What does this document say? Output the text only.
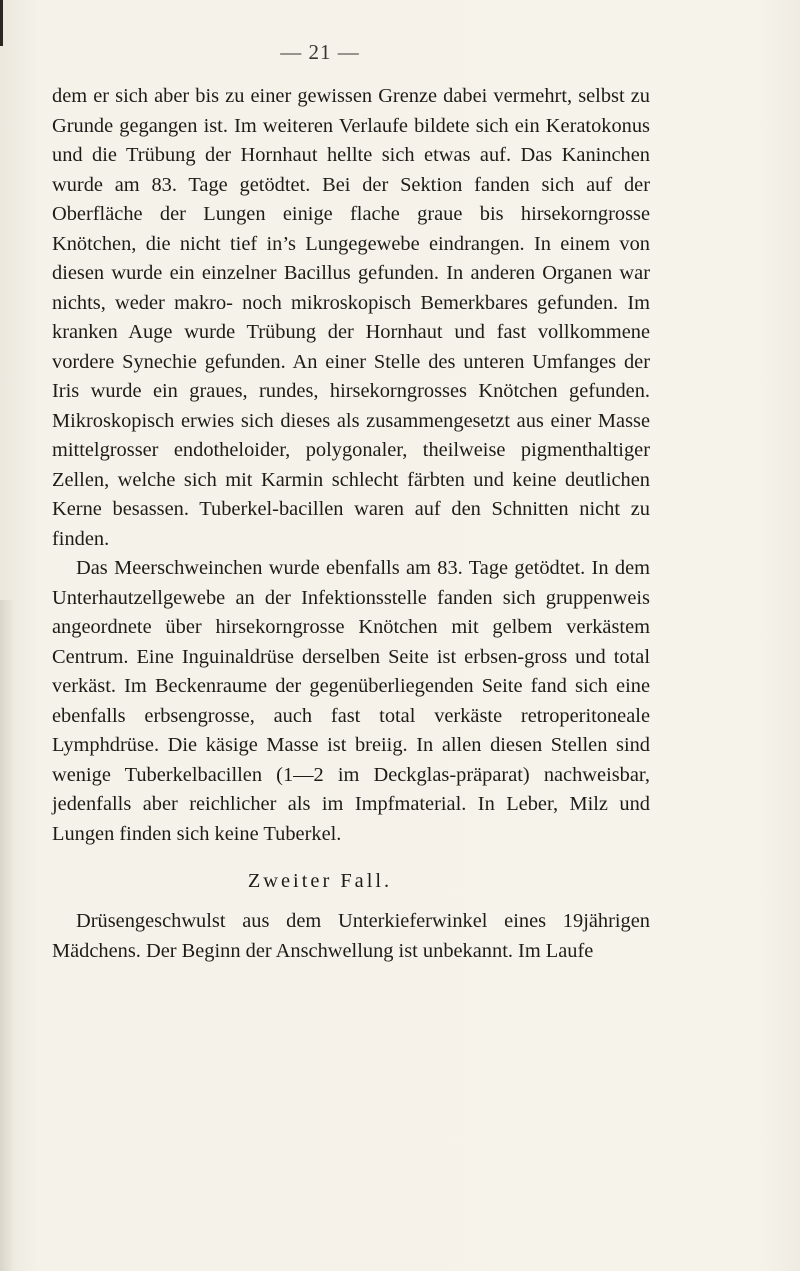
— 21 —

dem er sich aber bis zu einer gewissen Grenze dabei vermehrt, selbst zu Grunde gegangen ist. Im weiteren Verlaufe bildete sich ein Keratokonus und die Trübung der Hornhaut hellte sich etwas auf. Das Kaninchen wurde am 83. Tage getödtet. Bei der Sektion fanden sich auf der Oberfläche der Lungen einige flache graue bis hirsekorngrosse Knötchen, die nicht tief in’s Lungegewebe eindrangen. In einem von diesen wurde ein einzelner Bacillus gefunden. In anderen Organen war nichts, weder makro- noch mikroskopisch Bemerkbares gefunden. Im kranken Auge wurde Trübung der Hornhaut und fast vollkommene vordere Synechie gefunden. An einer Stelle des unteren Umfanges der Iris wurde ein graues, rundes, hirsekorngrosses Knötchen gefunden. Mikroskopisch erwies sich dieses als zusammengesetzt aus einer Masse mittelgrosser endotheloider, polygonaler, theilweise pigmenthaltiger Zellen, welche sich mit Karmin schlecht färbten und keine deutlichen Kerne besassen. Tuberkel-bacillen waren auf den Schnitten nicht zu finden.

Das Meerschweinchen wurde ebenfalls am 83. Tage getödtet. In dem Unterhautzellgewebe an der Infektionsstelle fanden sich gruppenweis angeordnete über hirsekorngrosse Knötchen mit gelbem verkästem Centrum. Eine Inguinaldrüse derselben Seite ist erbsen-gross und total verkäst. Im Beckenraume der gegenüberliegenden Seite fand sich eine ebenfalls erbsengrosse, auch fast total verkäste retroperitoneale Lymphdrüse. Die käsige Masse ist breiig. In allen diesen Stellen sind wenige Tuberkelbacillen (1—2 im Deckglas-präparat) nachweisbar, jedenfalls aber reichlicher als im Impfmaterial. In Leber, Milz und Lungen finden sich keine Tuberkel.

Zweiter Fall.

Drüsengeschwulst aus dem Unterkieferwinkel eines 19jährigen Mädchens. Der Beginn der Anschwellung ist unbekannt. Im Laufe
